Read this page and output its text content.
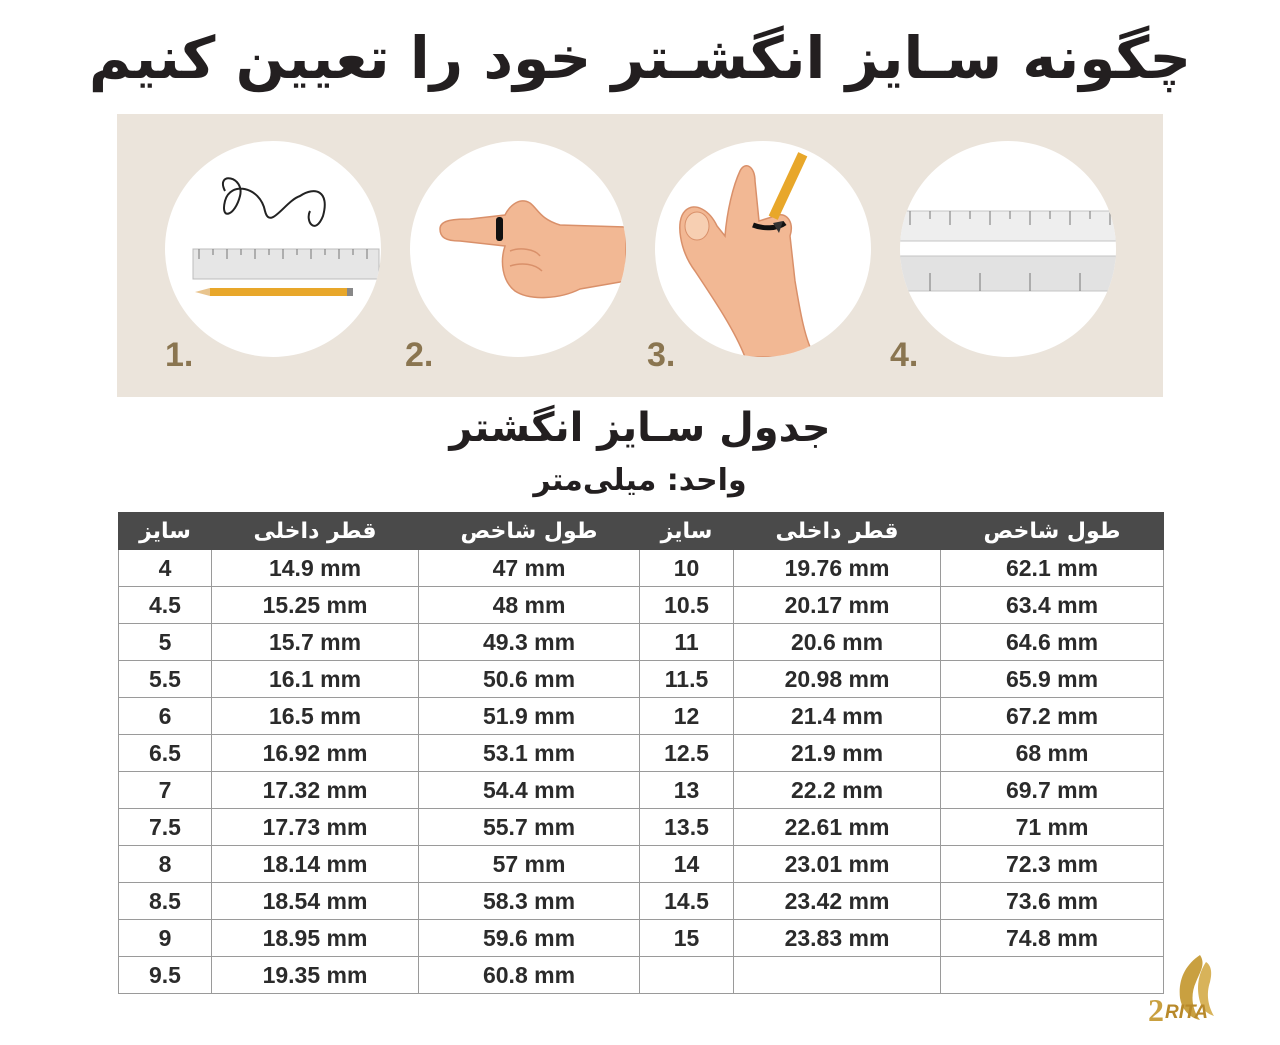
چگونه سـایز انگشـتر خود را تعیین کنیم
1.	2.	3.	4.
جدول سـایز انگشتر
واحد: میلی‌متر
سایز	قطر داخلی	طول شاخص	سایز	قطر داخلی	طول شاخص
4	14.9 mm	47 mm	10	19.76 mm	62.1 mm
4.5	15.25 mm	48 mm	10.5	20.17 mm	63.4 mm
5	15.7 mm	49.3 mm	11	20.6 mm	64.6 mm
5.5	16.1 mm	50.6 mm	11.5	20.98 mm	65.9 mm
6	16.5 mm	51.9 mm	12	21.4 mm	67.2 mm
6.5	16.92 mm	53.1 mm	12.5	21.9 mm	68 mm
7	17.32 mm	54.4 mm	13	22.2 mm	69.7 mm
7.5	17.73 mm	55.7 mm	13.5	22.61 mm	71 mm
8	18.14 mm	57 mm	14	23.01 mm	72.3 mm
8.5	18.54 mm	58.3 mm	14.5	23.42 mm	73.6 mm
9	18.95 mm	59.6 mm	15	23.83 mm	74.8 mm
9.5	19.35 mm	60.8 mm			
2 RITA
